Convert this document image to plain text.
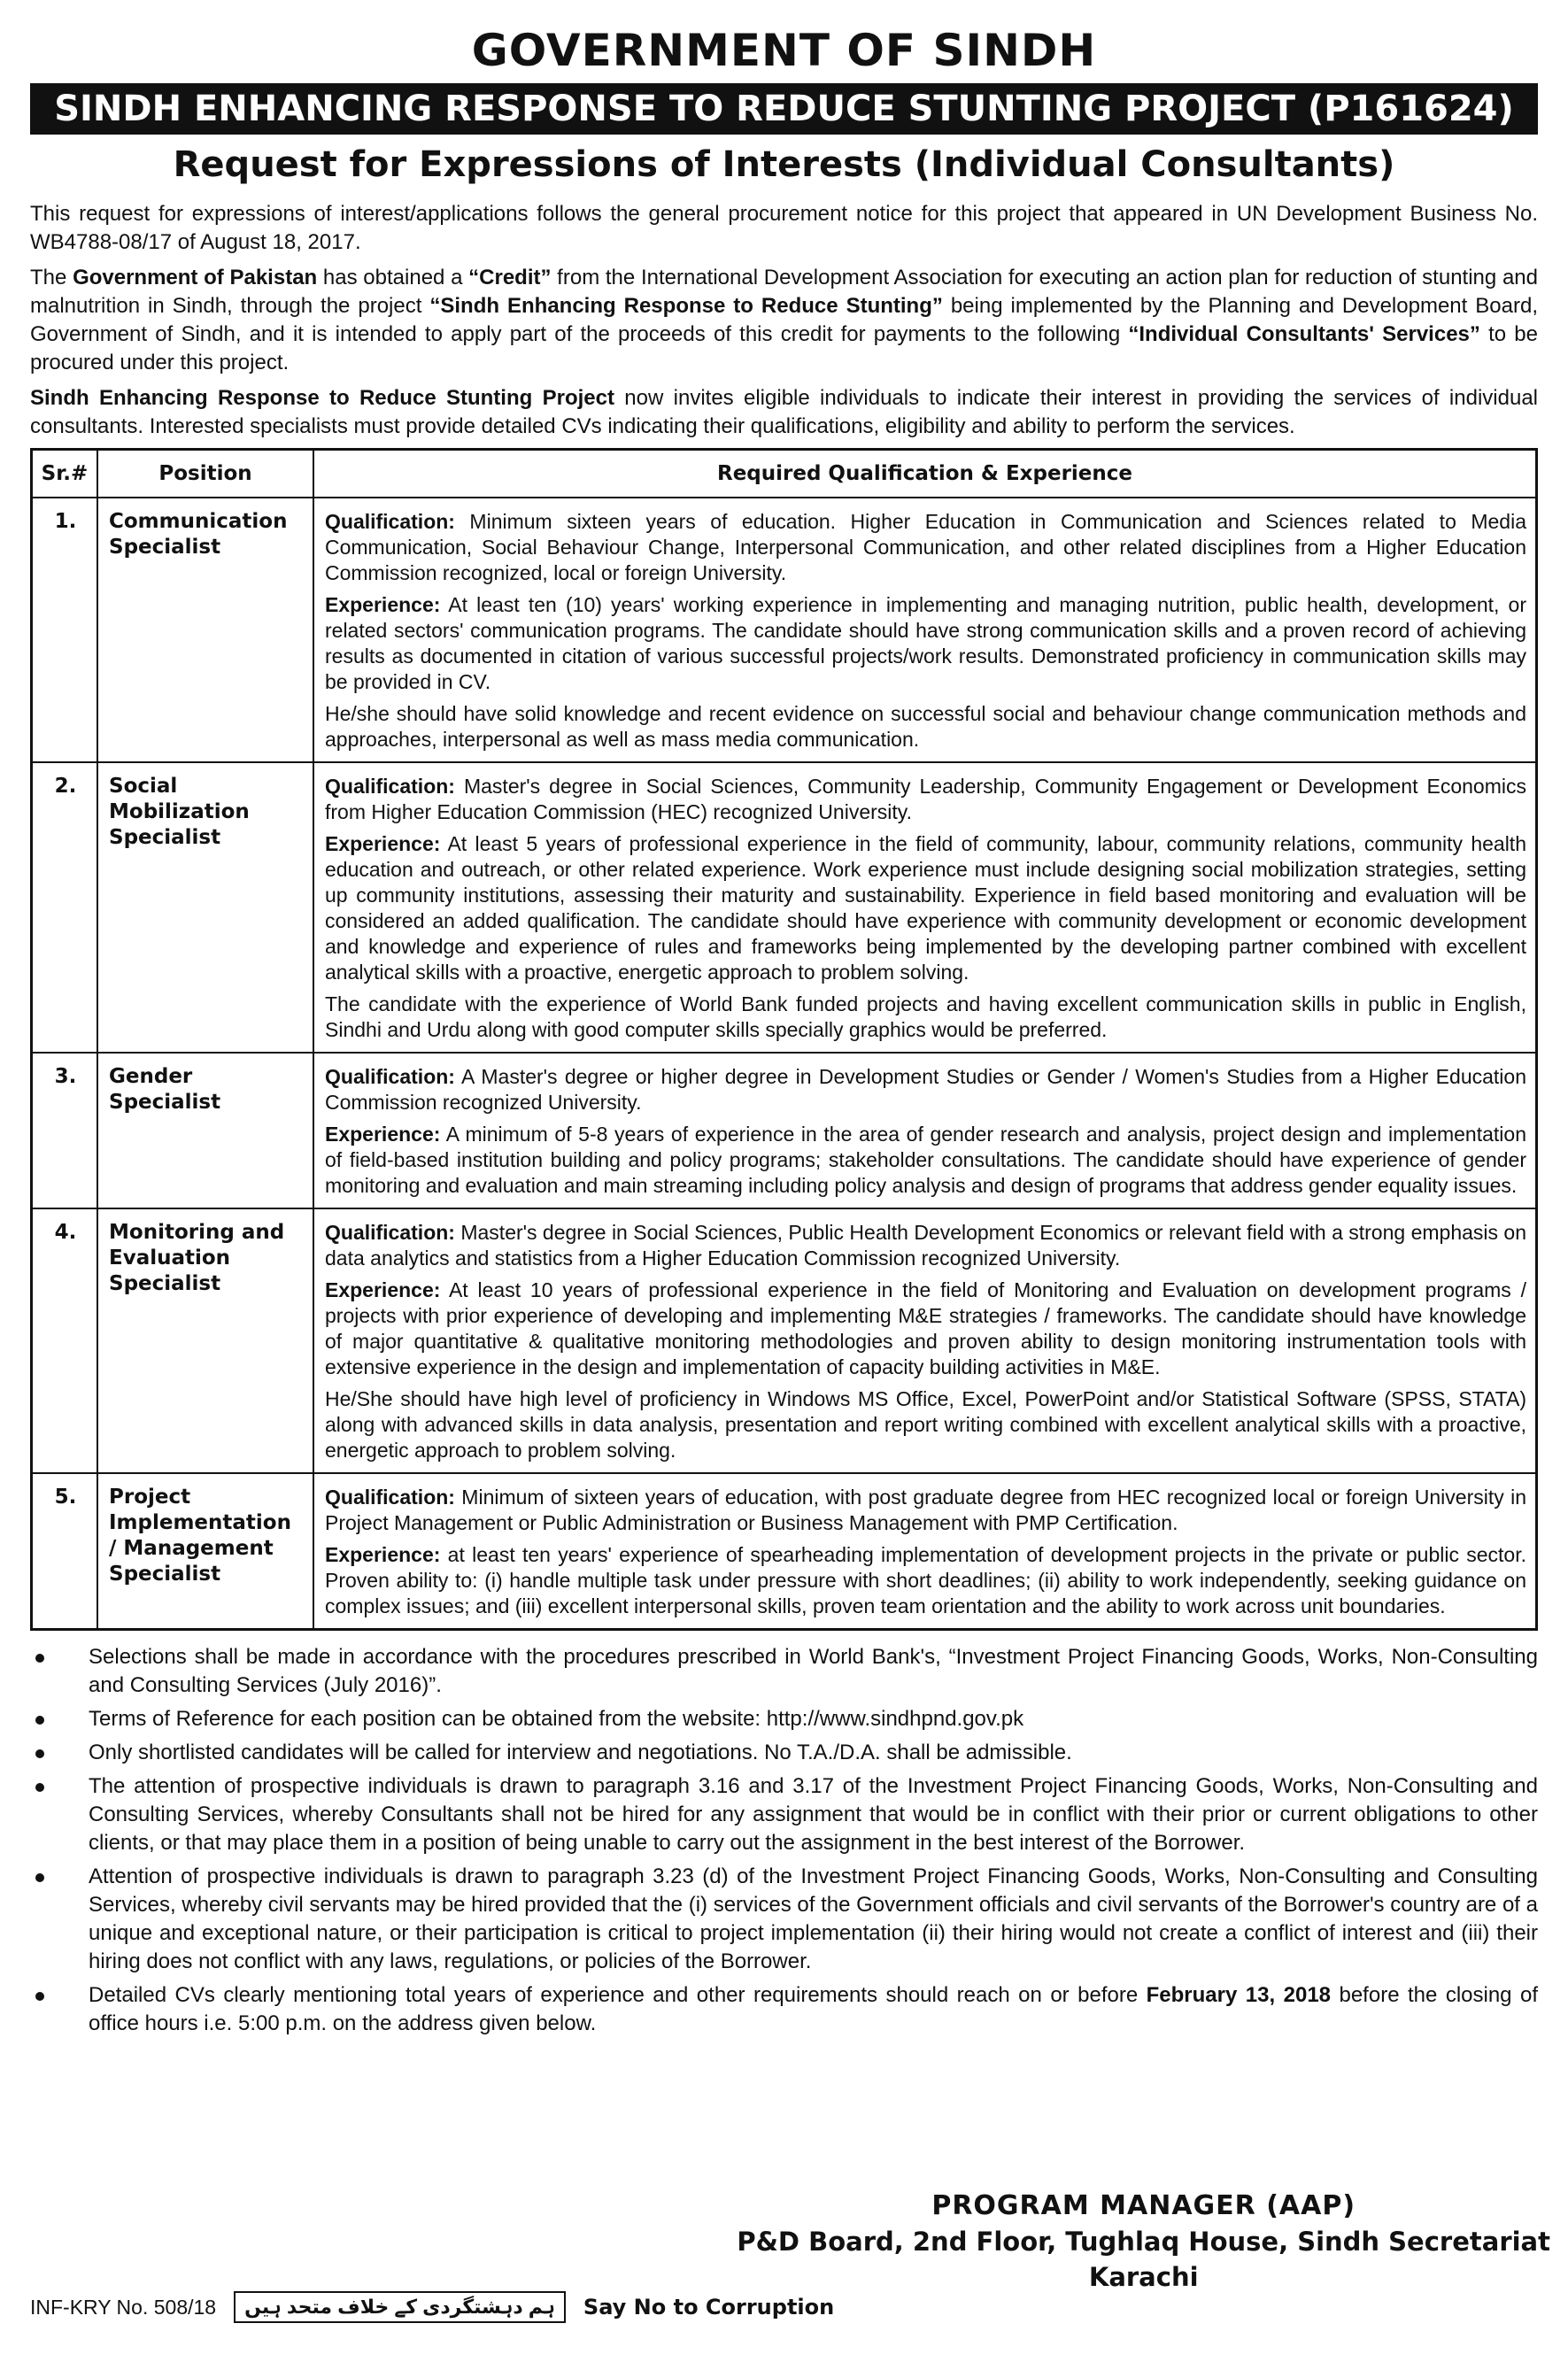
GOVERNMENT OF SINDH
SINDH ENHANCING RESPONSE TO REDUCE STUNTING PROJECT (P161624)
Request for Expressions of Interests (Individual Consultants)

This request for expressions of interest/applications follows the general procurement notice for this project that appeared in UN Development Business No. WB4788-08/17 of August 18, 2017.

The Government of Pakistan has obtained a “Credit” from the International Development Association for executing an action plan for reduction of stunting and malnutrition in Sindh, through the project “Sindh Enhancing Response to Reduce Stunting” being implemented by the Planning and Development Board, Government of Sindh, and it is intended to apply part of the proceeds of this credit for payments to the following “Individual Consultants' Services” to be procured under this project.

Sindh Enhancing Response to Reduce Stunting Project now invites eligible individuals to indicate their interest in providing the services of individual consultants. Interested specialists must provide detailed CVs indicating their qualifications, eligibility and ability to perform the services.

Sr.#	Position	Required Qualification & Experience
1.	Communication Specialist	Qualification: Minimum sixteen years of education. Higher Education in Communication and Sciences related to Media Communication, Social Behaviour Change, Interpersonal Communication, and other related disciplines from a Higher Education Commission recognized, local or foreign University.

Experience: At least ten (10) years' working experience in implementing and managing nutrition, public health, development, or related sectors' communication programs. The candidate should have strong communication skills and a proven record of achieving results as documented in citation of various successful projects/work results. Demonstrated proficiency in communication skills may be provided in CV.

He/she should have solid knowledge and recent evidence on successful social and behaviour change communication methods and approaches, interpersonal as well as mass media communication.

2.	Social Mobilization Specialist	Qualification: Master's degree in Social Sciences, Community Leadership, Community Engagement or Development Economics from Higher Education Commission (HEC) recognized University.

Experience: At least 5 years of professional experience in the field of community, labour, community relations, community health education and outreach, or other related experience. Work experience must include designing social mobilization strategies, setting up community institutions, assessing their maturity and sustainability. Experience in field based monitoring and evaluation will be considered an added qualification. The candidate should have experience with community development or economic development and knowledge and experience of rules and frameworks being implemented by the developing partner combined with excellent analytical skills with a proactive, energetic approach to problem solving.

The candidate with the experience of World Bank funded projects and having excellent communication skills in public in English, Sindhi and Urdu along with good computer skills specially graphics would be preferred.

3.	Gender Specialist	Qualification: A Master's degree or higher degree in Development Studies or Gender / Women's Studies from a Higher Education Commission recognized University.

Experience: A minimum of 5-8 years of experience in the area of gender research and analysis, project design and implementation of field-based institution building and policy programs; stakeholder consultations. The candidate should have experience of gender monitoring and evaluation and main streaming including policy analysis and design of programs that address gender equality issues.

4.	Monitoring and Evaluation Specialist	Qualification: Master's degree in Social Sciences, Public Health Development Economics or relevant field with a strong emphasis on data analytics and statistics from a Higher Education Commission recognized University.

Experience: At least 10 years of professional experience in the field of Monitoring and Evaluation on development programs / projects with prior experience of developing and implementing M&E strategies / frameworks. The candidate should have knowledge of major quantitative & qualitative monitoring methodologies and proven ability to design monitoring instrumentation tools with extensive experience in the design and implementation of capacity building activities in M&E.

He/She should have high level of proficiency in Windows MS Office, Excel, PowerPoint and/or Statistical Software (SPSS, STATA) along with advanced skills in data analysis, presentation and report writing combined with excellent analytical skills with a proactive, energetic approach to problem solving.

5.	Project Implementation / Management Specialist	Qualification: Minimum of sixteen years of education, with post graduate degree from HEC recognized local or foreign University in Project Management or Public Administration or Business Management with PMP Certification.

Experience: at least ten years' experience of spearheading implementation of development projects in the private or public sector. Proven ability to: (i) handle multiple task under pressure with short deadlines; (ii) ability to work independently, seeking guidance on complex issues; and (iii) excellent interpersonal skills, proven team orientation and the ability to work across unit boundaries.

Selections shall be made in accordance with the procedures prescribed in World Bank's, “Investment Project Financing Goods, Works, Non-Consulting and Consulting Services (July 2016)”.
Terms of Reference for each position can be obtained from the website: http://www.sindhpnd.gov.pk
Only shortlisted candidates will be called for interview and negotiations. No T.A./D.A. shall be admissible.
The attention of prospective individuals is drawn to paragraph 3.16 and 3.17 of the Investment Project Financing Goods, Works, Non-Consulting and Consulting Services, whereby Consultants shall not be hired for any assignment that would be in conflict with their prior or current obligations to other clients, or that may place them in a position of being unable to carry out the assignment in the best interest of the Borrower.
Attention of prospective individuals is drawn to paragraph 3.23 (d) of the Investment Project Financing Goods, Works, Non-Consulting and Consulting Services, whereby civil servants may be hired provided that the (i) services of the Government officials and civil servants of the Borrower's country are of a unique and exceptional nature, or their participation is critical to project implementation (ii) their hiring would not create a conflict of interest and (iii) their hiring does not conflict with any laws, regulations, or policies of the Borrower.
Detailed CVs clearly mentioning total years of experience and other requirements should reach on or before February 13, 2018 before the closing of office hours i.e. 5:00 p.m. on the address given below.
PROGRAM MANAGER (AAP)
P&D Board, 2nd Floor, Tughlaq House, Sindh Secretariat
Karachi
INF-KRY No. 508/18	ہم دہشتگردی کے خلاف متحد ہیں	Say No to Corruption
